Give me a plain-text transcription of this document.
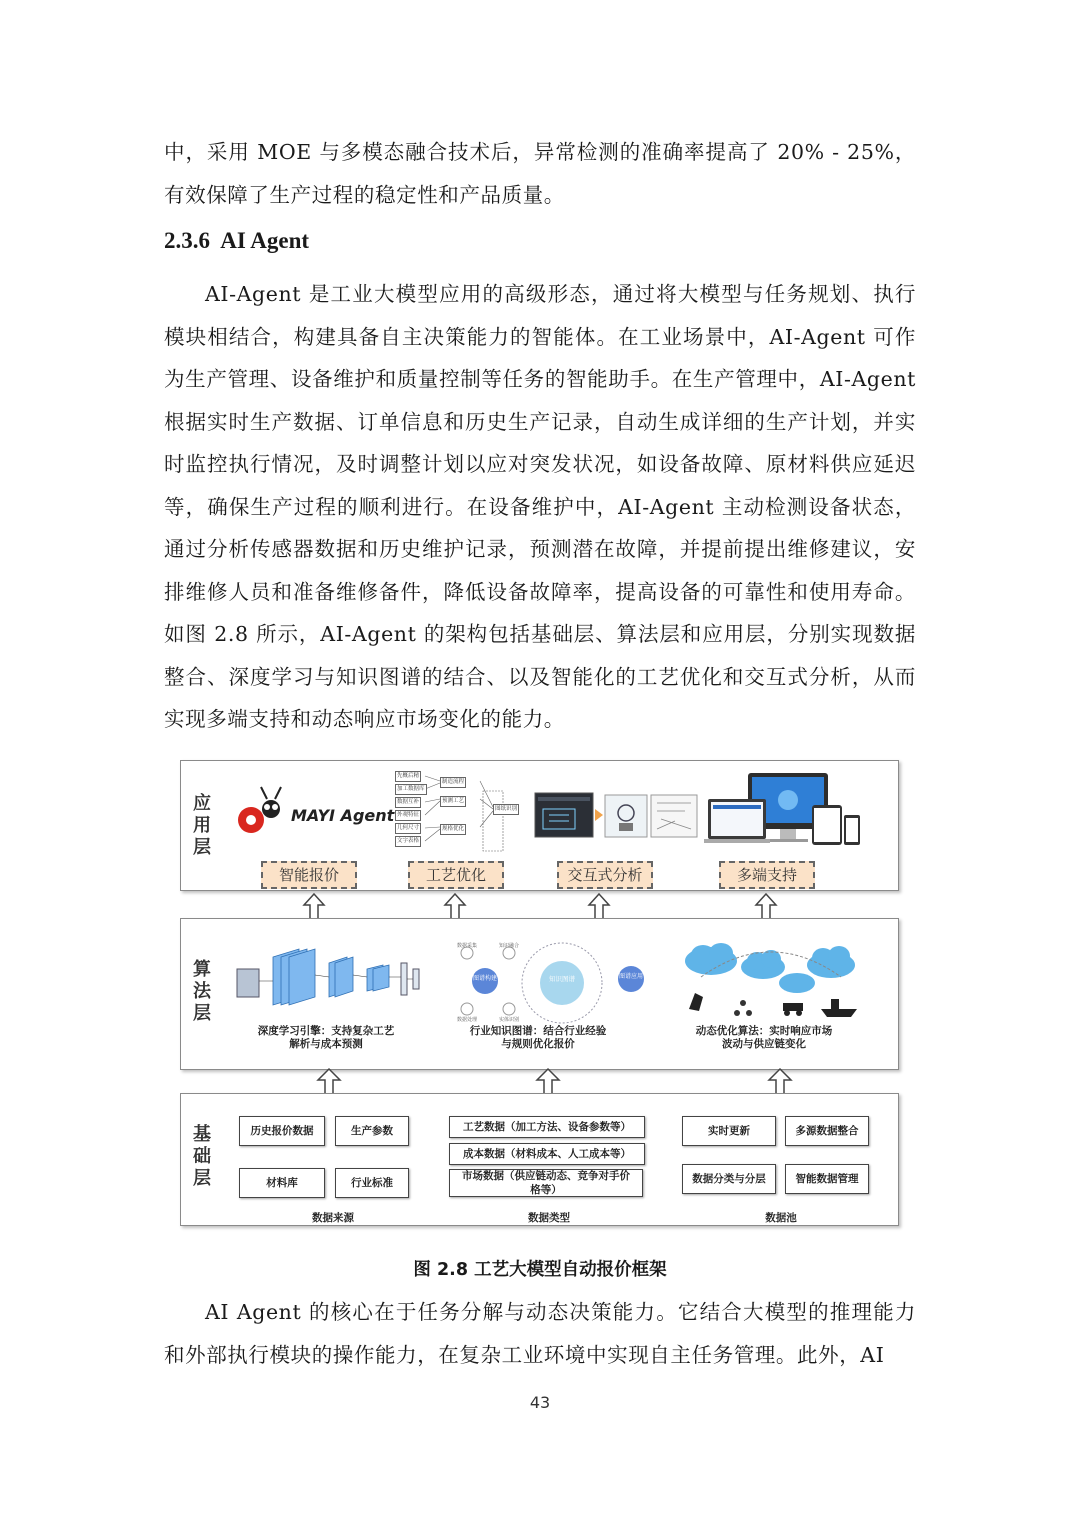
中，采用 MOE 与多模态融合技术后，异常检测的准确率提高了 20% - 25%，有效保障了生产过程的稳定性和产品质量。

2.3.6 AI Agent

AI-Agent 是工业大模型应用的高级形态，通过将大模型与任务规划、执行模块相结合，构建具备自主决策能力的智能体。在工业场景中，AI-Agent 可作为生产管理、设备维护和质量控制等任务的智能助手。在生产管理中，AI-Agent 根据实时生产数据、订单信息和历史生产记录，自动生成详细的生产计划，并实时监控执行情况，及时调整计划以应对突发状况，如设备故障、原材料供应延迟等，确保生产过程的顺利进行。在设备维护中，AI-Agent 主动检测设备状态，通过分析传感器数据和历史维护记录，预测潜在故障，并提前提出维修建议，安排维修人员和准备维修备件，降低设备故障率，提高设备的可靠性和使用寿命。如图 2.8 所示，AI-Agent 的架构包括基础层、算法层和应用层，分别实现数据整合、深度学习与知识图谱的结合、以及智能化的工艺优化和交互式分析，从而实现多端支持和动态响应市场变化的能力。

应用层
MAYI Agent
先概后精
加工数据库
数据互补
外观特征
几何尺寸
文字表格
制造流程
预测工艺
规格优化
图纸识别
智能报价	工艺优化	交互式分析	多端支持
算法层
知识图谱
图谱构建	图谱应用
数据采集	知识融合
数据处理	实体识别
深度学习引擎：支持复杂工艺
解析与成本预测
行业知识图谱：结合行业经验
与规则优化报价
动态优化算法：实时响应市场
波动与供应链变化
基础层
历史报价数据	生产参数
材料库	行业标准
数据来源
工艺数据（加工方法、设备参数等）
成本数据（材料成本、人工成本等）
市场数据（供应链动态、竞争对手价格等）
数据类型
实时更新	多源数据整合
数据分类与分层	智能数据管理
数据池
图 2.8 工艺大模型自动报价框架

AI Agent 的核心在于任务分解与动态决策能力。它结合大模型的推理能力和外部执行模块的操作能力，在复杂工业环境中实现自主任务管理。此外，AI

43
